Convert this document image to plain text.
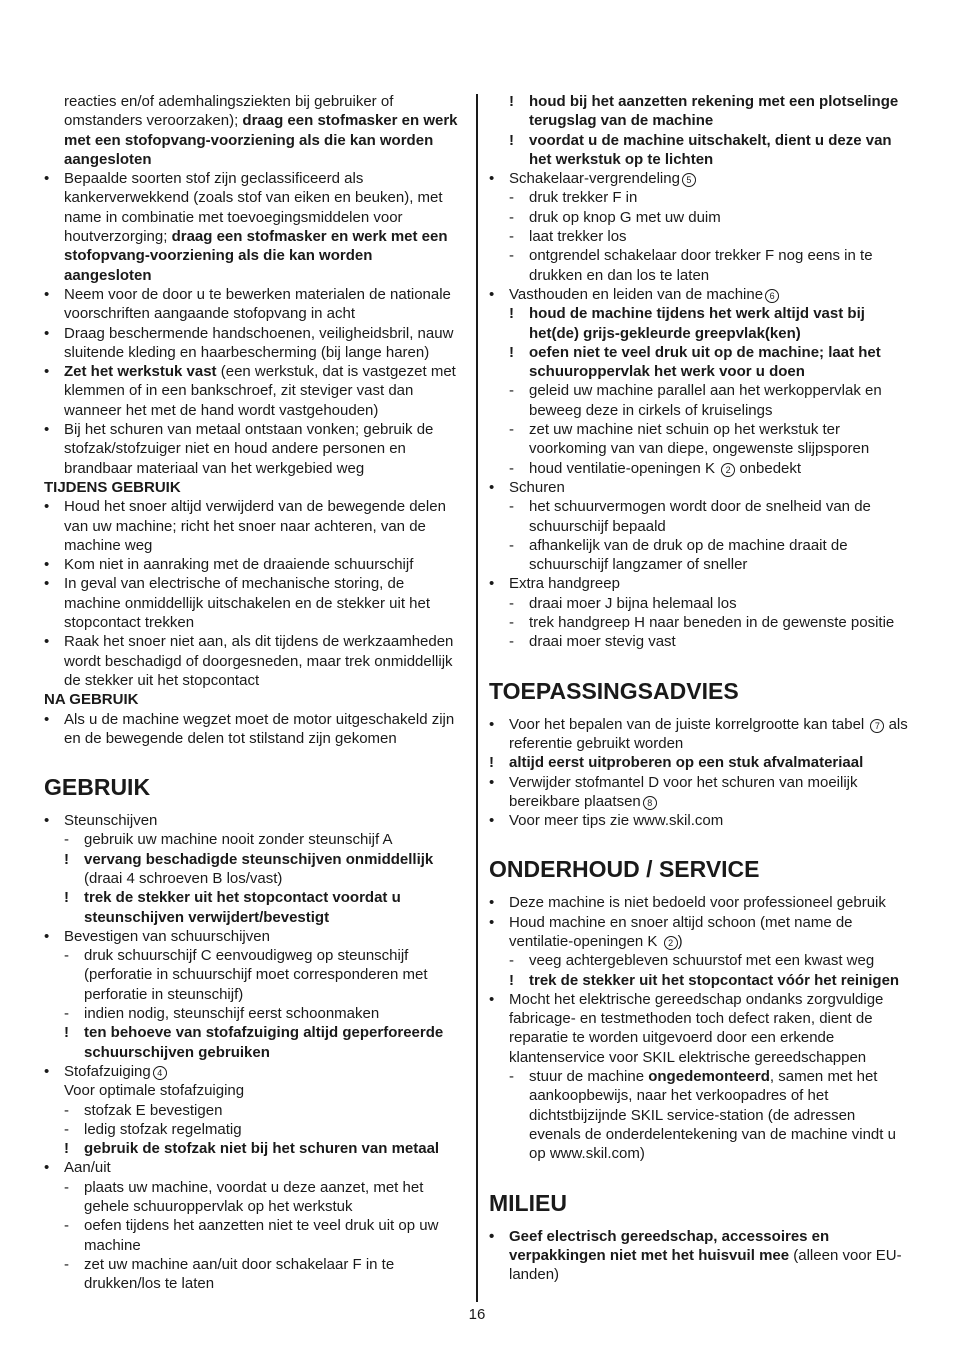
reacties en/of ademhalingsziekten bij gebruiker of omstanders veroorzaken); draag een stofmasker en werk met een stofopvang-voorziening als die kan worden aangesloten
• Bepaalde soorten stof zijn geclassificeerd als kankerverwekkend (zoals stof van eiken en beuken), met name in combinatie met toevoegingsmiddelen voor houtverzorging; draag een stofmasker en werk met een stofopvang-voorziening als die kan worden aangesloten
• Neem voor de door u te bewerken materialen de nationale voorschriften aangaande stofopvang in acht
• Draag beschermende handschoenen, veiligheidsbril, nauw sluitende kleding en haarbescherming (bij lange haren)
• Zet het werkstuk vast (een werkstuk, dat is vastgezet met klemmen of in een bankschroef, zit steviger vast dan wanneer het met de hand wordt vastgehouden)
• Bij het schuren van metaal ontstaan vonken; gebruik de stofzak/stofzuiger niet en houd andere personen en brandbaar materiaal van het werkgebied weg
TIJDENS GEBRUIK
• Houd het snoer altijd verwijderd van de bewegende delen van uw machine; richt het snoer naar achteren, van de machine weg
• Kom niet in aanraking met de draaiende schuurschijf
• In geval van electrische of mechanische storing, de machine onmiddellijk uitschakelen en de stekker uit het stopcontact trekken
• Raak het snoer niet aan, als dit tijdens de werkzaamheden wordt beschadigd of doorgesneden, maar trek onmiddellijk de stekker uit het stopcontact
NA GEBRUIK
• Als u de machine wegzet moet de motor uitgeschakeld zijn en de bewegende delen tot stilstand zijn gekomen
GEBRUIK
• Steunschijven
- gebruik uw machine nooit zonder steunschijf A
! vervang beschadigde steunschijven onmiddellijk (draai 4 schroeven B los/vast)
! trek de stekker uit het stopcontact voordat u steunschijven verwijdert/bevestigt
• Bevestigen van schuurschijven
- druk schuurschijf C eenvoudigweg op steunschijf (perforatie in schuurschijf moet corresponderen met perforatie in steunschijf)
- indien nodig, steunschijf eerst schoonmaken
! ten behoeve van stofafzuiging altijd geperforeerde schuurschijven gebruiken
• Stofafzuiging 4
Voor optimale stofafzuiging
- stofzak E bevestigen
- ledig stofzak regelmatig
! gebruik de stofzak niet bij het schuren van metaal
• Aan/uit
- plaats uw machine, voordat u deze aanzet, met het gehele schuuroppervlak op het werkstuk
- oefen tijdens het aanzetten niet te veel druk uit op uw machine
- zet uw machine aan/uit door schakelaar F in te drukken/los te laten
! houd bij het aanzetten rekening met een plotselinge terugslag van de machine
! voordat u de machine uitschakelt, dient u deze van het werkstuk op te lichten
• Schakelaar-vergrendeling 5
- druk trekker F in
- druk op knop G met uw duim
- laat trekker los
- ontgrendel schakelaar door trekker F nog eens in te drukken en dan los te laten
• Vasthouden en leiden van de machine 6
! houd de machine tijdens het werk altijd vast bij het(de) grijs-gekleurde greepvlak(ken)
! oefen niet te veel druk uit op de machine; laat het schuuroppervlak het werk voor u doen
- geleid uw machine parallel aan het werkoppervlak en beweeg deze in cirkels of kruiselings
- zet uw machine niet schuin op het werkstuk ter voorkoming van van diepe, ongewenste slijpsporen
- houd ventilatie-openingen K 2 onbedekt
• Schuren
- het schuurvermogen wordt door de snelheid van de schuurschijf bepaald
- afhankelijk van de druk op de machine draait de schuurschijf langzamer of sneller
• Extra handgreep
- draai moer J bijna helemaal los
- trek handgreep H naar beneden in de gewenste positie
- draai moer stevig vast
TOEPASSINGSADVIES
• Voor het bepalen van de juiste korrelgrootte kan tabel 7 als referentie gebruikt worden
! altijd eerst uitproberen op een stuk afvalmateriaal
• Verwijder stofmantel D voor het schuren van moeilijk bereikbare plaatsen 8
• Voor meer tips zie www.skil.com
ONDERHOUD / SERVICE
• Deze machine is niet bedoeld voor professioneel gebruik
• Houd machine en snoer altijd schoon (met name de ventilatie-openingen K 2 )
- veeg achtergebleven schuurstof met een kwast weg
! trek de stekker uit het stopcontact vóór het reinigen
• Mocht het elektrische gereedschap ondanks zorgvuldige fabricage- en testmethoden toch defect raken, dient de reparatie te worden uitgevoerd door een erkende klantenservice voor SKIL elektrische gereedschappen
- stuur de machine ongedemonteerd, samen met het aankoopbewijs, naar het verkoopadres of het dichtstbijzijnde SKIL service-station (de adressen evenals de onderdelentekening van de machine vindt u op www.skil.com)
MILIEU
• Geef electrisch gereedschap, accessoires en verpakkingen niet met het huisvuil mee (alleen voor EU-landen)
16
